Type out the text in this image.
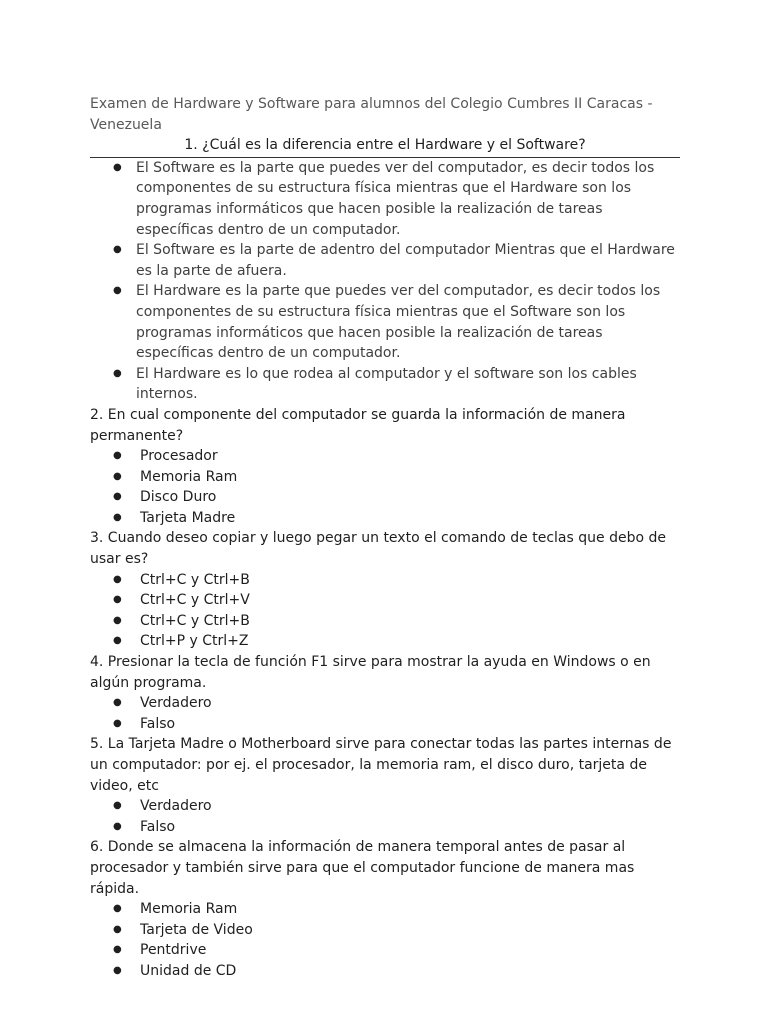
Examen de Hardware y Software para alumnos del Colegio Cumbres II Caracas - Venezuela

1. ¿Cuál es la diferencia entre el Hardware y el Software?

● El Software es la parte que puedes ver del computador, es decir todos los componentes de su estructura física mientras que el Hardware son los programas informáticos que hacen posible la realización de tareas específicas dentro de un computador.
● El Software es la parte de adentro del computador Mientras que el Hardware es la parte de afuera.
● El Hardware es la parte que puedes ver del computador, es decir todos los componentes de su estructura física mientras que el Software son los programas informáticos que hacen posible la realización de tareas específicas dentro de un computador.
● El Hardware es lo que rodea al computador y el software son los cables internos.

2. En cual componente del computador se guarda la información de manera permanente?

● Procesador
● Memoria Ram
● Disco Duro
● Tarjeta Madre

3. Cuando deseo copiar y luego pegar un texto el comando de teclas que debo de usar es?

● Ctrl+C y Ctrl+B
● Ctrl+C y Ctrl+V
● Ctrl+C y Ctrl+B
● Ctrl+P y Ctrl+Z

4. Presionar la tecla de función F1 sirve para mostrar la ayuda en Windows o en algún programa.

● Verdadero
● Falso

5. La Tarjeta Madre o Motherboard sirve para conectar todas las partes internas de un computador: por ej. el procesador, la memoria ram, el disco duro, tarjeta de video, etc

● Verdadero
● Falso

6. Donde se almacena la información de manera temporal antes de pasar al procesador y también sirve para que el computador funcione de manera mas rápida.

● Memoria Ram
● Tarjeta de Video
● Pentdrive
● Unidad de CD
